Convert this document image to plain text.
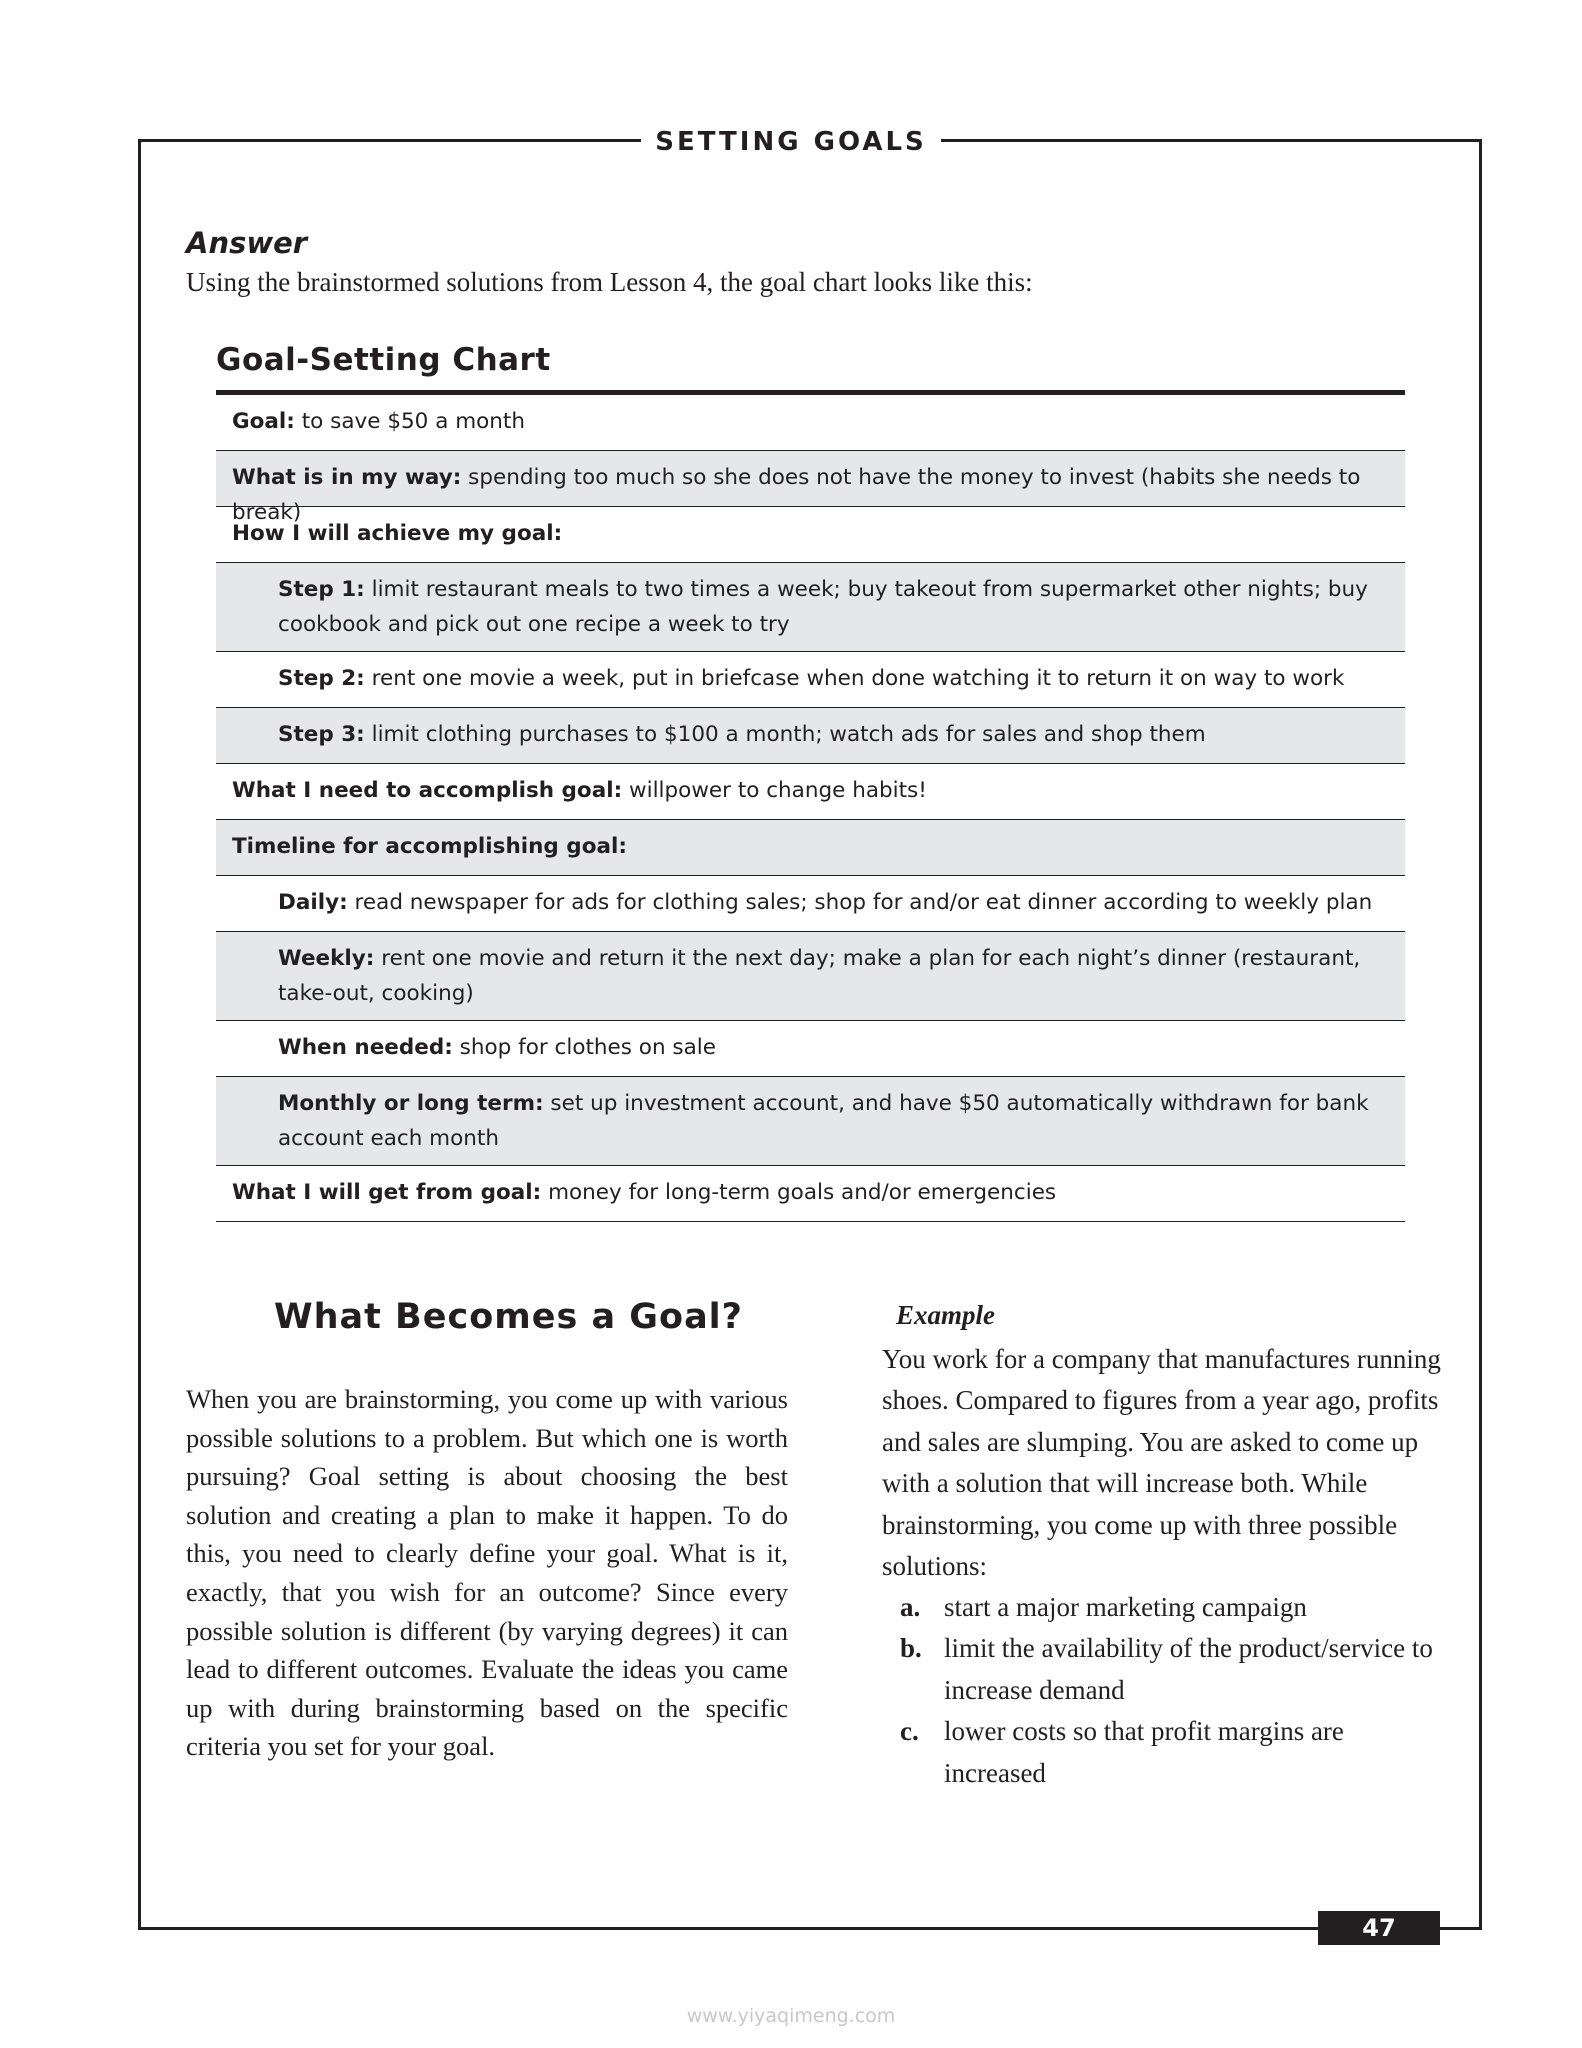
SETTING GOALS
Answer

Using the brainstormed solutions from Lesson 4, the goal chart looks like this:

Goal-Setting Chart
Goal: to save $50 a month
What is in my way: spending too much so she does not have the money to invest (habits she needs to break)
How I will achieve my goal:
Step 1: limit restaurant meals to two times a week; buy takeout from supermarket other nights; buy cookbook and pick out one recipe a week to try
Step 2: rent one movie a week, put in briefcase when done watching it to return it on way to work
Step 3: limit clothing purchases to $100 a month; watch ads for sales and shop them
What I need to accomplish goal: willpower to change habits!
Timeline for accomplishing goal:
Daily: read newspaper for ads for clothing sales; shop for and/or eat dinner according to weekly plan
Weekly: rent one movie and return it the next day; make a plan for each night’s dinner (restaurant, take-out, cooking)
When needed: shop for clothes on sale
Monthly or long term: set up investment account, and have $50 automatically withdrawn for bank account each month
What I will get from goal: money for long-term goals and/or emergencies
What Becomes a Goal?

When you are brainstorming, you come up with various possible solutions to a problem. But which one is worth pursuing? Goal setting is about choosing the best solution and creating a plan to make it happen. To do this, you need to clearly define your goal. What is it, exactly, that you wish for an outcome? Since every possible solution is different (by varying degrees) it can lead to different outcomes. Evaluate the ideas you came up with during brainstorming based on the specific criteria you set for your goal.

Example

You work for a company that manufactures running shoes. Compared to figures from a year ago, profits and sales are slumping. You are asked to come up with a solution that will increase both. While brainstorming, you come up with three possible solutions:

a. start a major marketing campaign
b. limit the availability of the product/service to increase demand
c. lower costs so that profit margins are increased
47
www.yiyaqimeng.com
